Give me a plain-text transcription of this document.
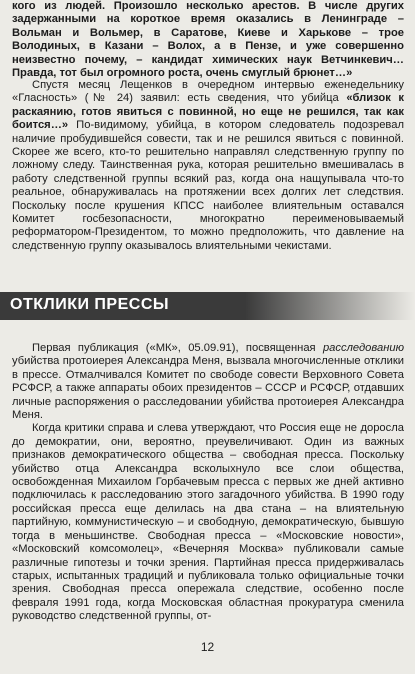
кого из людей. Произошло несколько арестов. В числе других задержанными на короткое время оказались в Ленинграде – Вольман и Вольмер, в Саратове, Киеве и Харькове – трое Володиных, в Казани – Волох, а в Пензе, и уже совершенно неизвестно почему, – кандидат химических наук Ветчинкевич… Правда, тот был огромного роста, очень смуглый брюнет…»

Спустя месяц Лещенков в очередном интервью еженедельнику «Гласность» (№ 24) заявил: есть сведения, что убийца «близок к раскаянию, готов явиться с повинной, но еще не решился, так как боится…» По-видимому, убийца, в котором следователь подозревал наличие пробудившейся совести, так и не решился явиться с повинной. Скорее же всего, кто-то решительно направлял следственную группу по ложному следу. Таинственная рука, которая решительно вмешивалась в работу следственной группы всякий раз, когда она нащупывала что-то реальное, обнаруживалась на протяжении всех долгих лет следствия. Поскольку после крушения КПСС наиболее влиятельным оставался Комитет госбезопасности, многократно переименовываемый реформатором-Президентом, то можно предположить, что давление на следственную группу оказывалось влиятельными чекистами.

ОТКЛИКИ ПРЕССЫ

Первая публикация («МК», 05.09.91), посвященная расследованию убийства протоиерея Александра Меня, вызвала многочисленные отклики в прессе. Отмалчивался Комитет по свободе совести Верховного Совета РСФСР, а также аппараты обоих президентов – СССР и РСФСР, отдавших личные распоряжения о расследовании убийства протоиерея Александра Меня.

Когда критики справа и слева утверждают, что Россия еще не доросла до демократии, они, вероятно, преувеличивают. Один из важных признаков демократического общества – свободная пресса. Поскольку убийство отца Александра всколыхнуло все слои общества, освобожденная Михаилом Горбачевым пресса с первых же дней активно подключилась к расследованию этого загадочного убийства. В 1990 году российская пресса еще делилась на два стана – на влиятельную партийную, коммунистическую – и свободную, демократическую, бывшую тогда в меньшинстве. Свободная пресса – «Московские новости», «Московский комсомолец», «Вечерняя Москва» публиковали самые различные гипотезы и точки зрения. Партийная пресса придерживалась старых, испытанных традиций и публиковала только официальные точки зрения. Свободная пресса опережала следствие, особенно после февраля 1991 года, когда Московская областная прокуратура сменила руководство следственной группы, от-

12
